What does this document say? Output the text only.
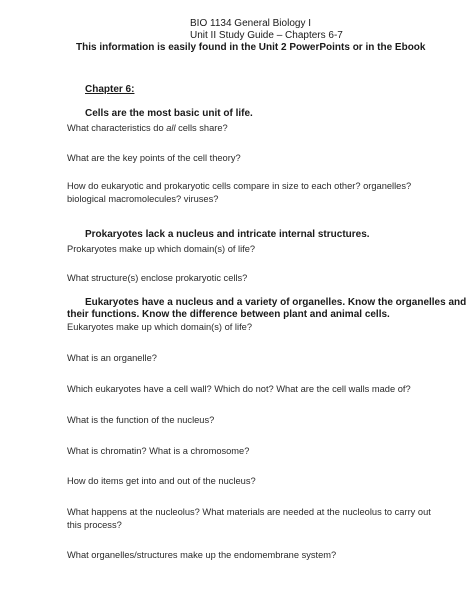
BIO 1134 General Biology I
Unit II Study Guide – Chapters 6-7
This information is easily found in the Unit 2 PowerPoints or in the Ebook
Chapter 6:
Cells are the most basic unit of life.
What characteristics do all cells share?
What are the key points of the cell theory?
How do eukaryotic and prokaryotic cells compare in size to each other? organelles?
biological macromolecules? viruses?
Prokaryotes lack a nucleus and intricate internal structures.
Prokaryotes make up which domain(s) of life?
What structure(s) enclose prokaryotic cells?
Eukaryotes have a nucleus and a variety of organelles. Know the organelles and
their functions. Know the difference between plant and animal cells.
Eukaryotes make up which domain(s) of life?
What is an organelle?
Which eukaryotes have a cell wall? Which do not? What are the cell walls made of?
What is the function of the nucleus?
What is chromatin? What is a chromosome?
How do items get into and out of the nucleus?
What happens at the nucleolus? What materials are needed at the nucleolus to carry out
this process?
What organelles/structures make up the endomembrane system?
